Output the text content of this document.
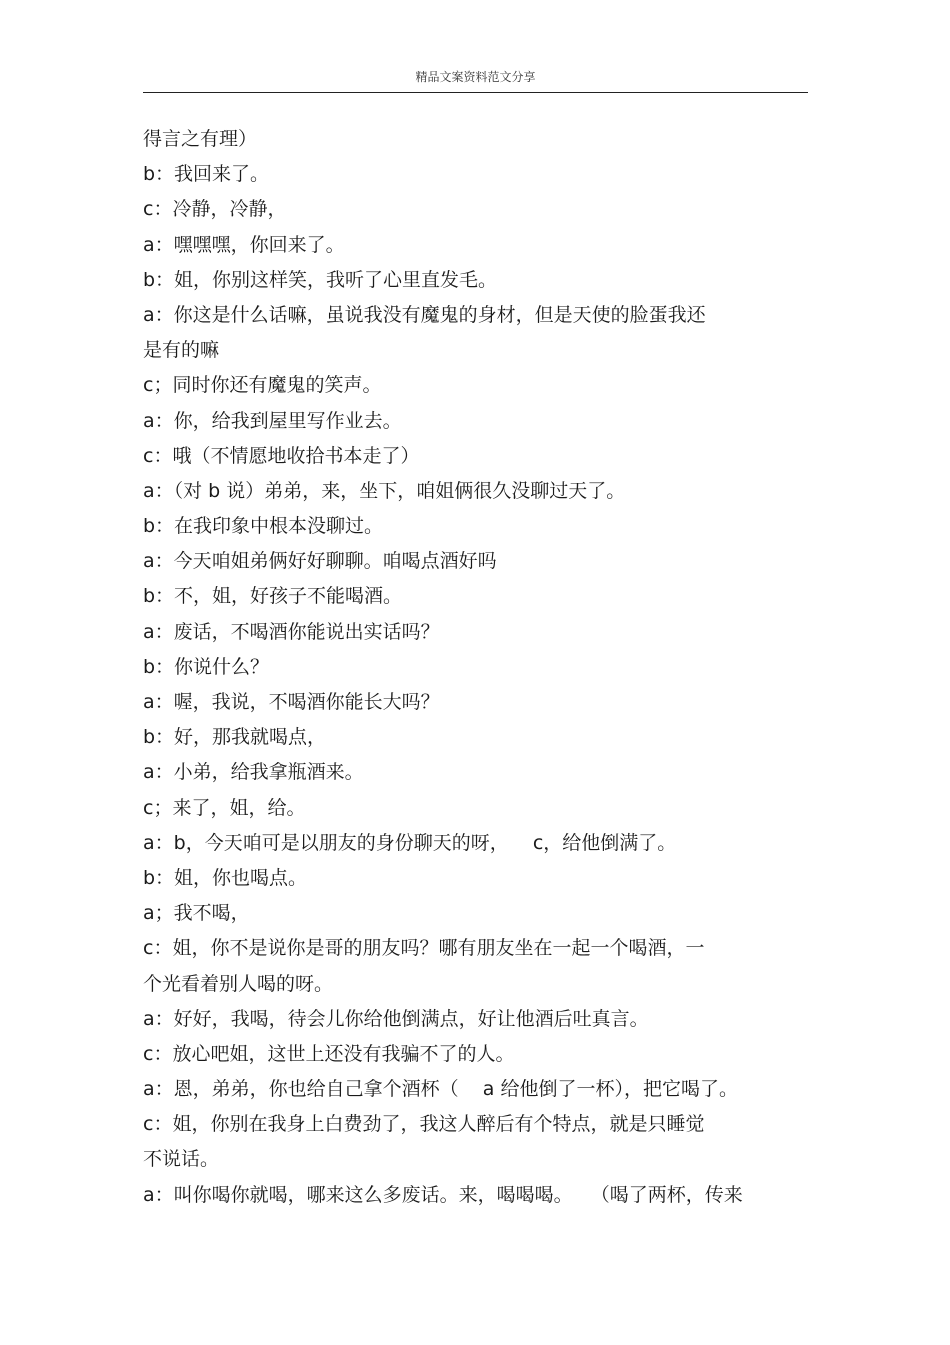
精品文案资料范文分享
得言之有理）
b：我回来了。
c：冷静，冷静，
a：嘿嘿嘿，你回来了。
b：姐，你别这样笑，我听了心里直发毛。
a：你这是什么话嘛，虽说我没有魔鬼的身材，但是天使的脸蛋我还
是有的嘛
c；同时你还有魔鬼的笑声。
a：你，给我到屋里写作业去。
c：哦（不情愿地收拾书本走了）
a：（对 b 说）弟弟，来，坐下，咱姐俩很久没聊过天了。
b：在我印象中根本没聊过。
a：今天咱姐弟俩好好聊聊。咱喝点酒好吗
b：不，姐，好孩子不能喝酒。
a：废话，不喝酒你能说出实话吗？
b：你说什么？
a：喔，我说，不喝酒你能长大吗？
b：好，那我就喝点，
a：小弟，给我拿瓶酒来。
c；来了，姐，给。
a：b，今天咱可是以朋友的身份聊天的呀，    c，给他倒满了。
b：姐，你也喝点。
a；我不喝，
c：姐，你不是说你是哥的朋友吗？哪有朋友坐在一起一个喝酒，一
个光看着别人喝的呀。
a：好好，我喝，待会儿你给他倒满点，好让他酒后吐真言。
c：放心吧姐，这世上还没有我骗不了的人。
a：恩，弟弟，你也给自己拿个酒杯（    a 给他倒了一杯），把它喝了。
c：姐，你别在我身上白费劲了，我这人醉后有个特点，就是只睡觉
不说话。
a：叫你喝你就喝，哪来这么多废话。来，喝喝喝。   （喝了两杯，传来
